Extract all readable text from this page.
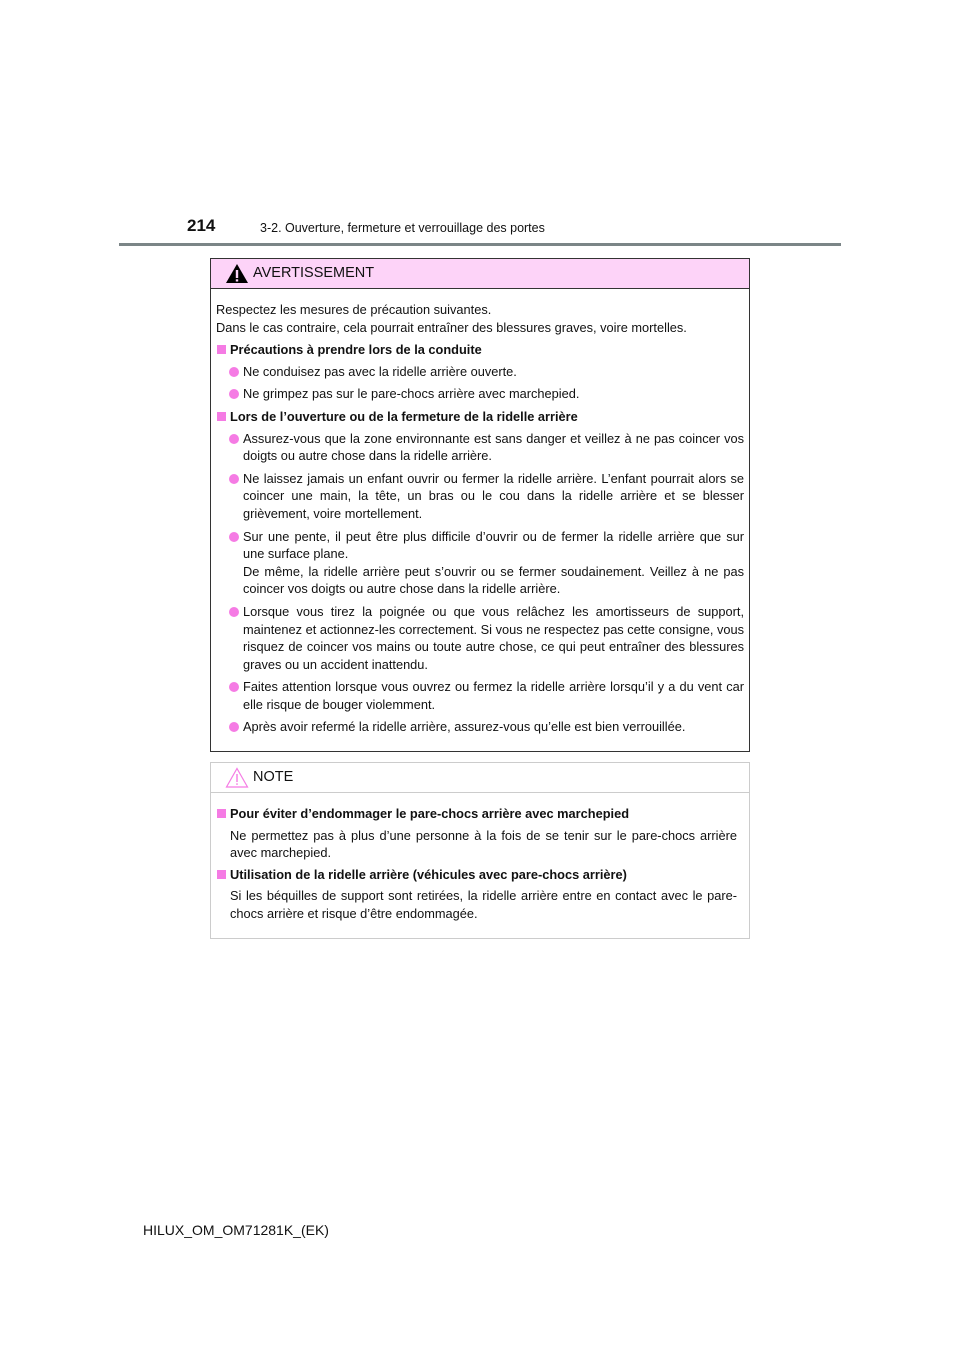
214	3-2. Ouverture, fermeture et verrouillage des portes
AVERTISSEMENT

Respectez les mesures de précaution suivantes.

Dans le cas contraire, cela pourrait entraîner des blessures graves, voire mortelles.

Précautions à prendre lors de la conduite
Ne conduisez pas avec la ridelle arrière ouverte.
Ne grimpez pas sur le pare-chocs arrière avec marchepied.
Lors de l’ouverture ou de la fermeture de la ridelle arrière
Assurez-vous que la zone environnante est sans danger et veillez à ne pas coincer vos doigts ou autre chose dans la ridelle arrière.
Ne laissez jamais un enfant ouvrir ou fermer la ridelle arrière. L’enfant pourrait alors se coincer une main, la tête, un bras ou le cou dans la ridelle arrière et se blesser grièvement, voire mortellement.

Sur une pente, il peut être plus difficile d’ouvrir ou de fermer la ridelle arrière que sur une surface plane.

De même, la ridelle arrière peut s’ouvrir ou se fermer soudainement. Veillez à ne pas coincer vos doigts ou autre chose dans la ridelle arrière.

Lorsque vous tirez la poignée ou que vous relâchez les amortisseurs de support, maintenez et actionnez-les correctement. Si vous ne respectez pas cette consigne, vous risquez de coincer vos mains ou toute autre chose, ce qui peut entraîner des blessures graves ou un accident inattendu.
Faites attention lorsque vous ouvrez ou fermez la ridelle arrière lorsqu’il y a du vent car elle risque de bouger violemment.
Après avoir refermé la ridelle arrière, assurez-vous qu’elle est bien verrouillée.
NOTE
Pour éviter d’endommager le pare-chocs arrière avec marchepied

Ne permettez pas à plus d’une personne à la fois de se tenir sur le pare-chocs arrière avec marchepied.

Utilisation de la ridelle arrière (véhicules avec pare-chocs arrière)

Si les béquilles de support sont retirées, la ridelle arrière entre en contact avec le pare-chocs arrière et risque d’être endommagée.

HILUX_OM_OM71281K_(EK)
